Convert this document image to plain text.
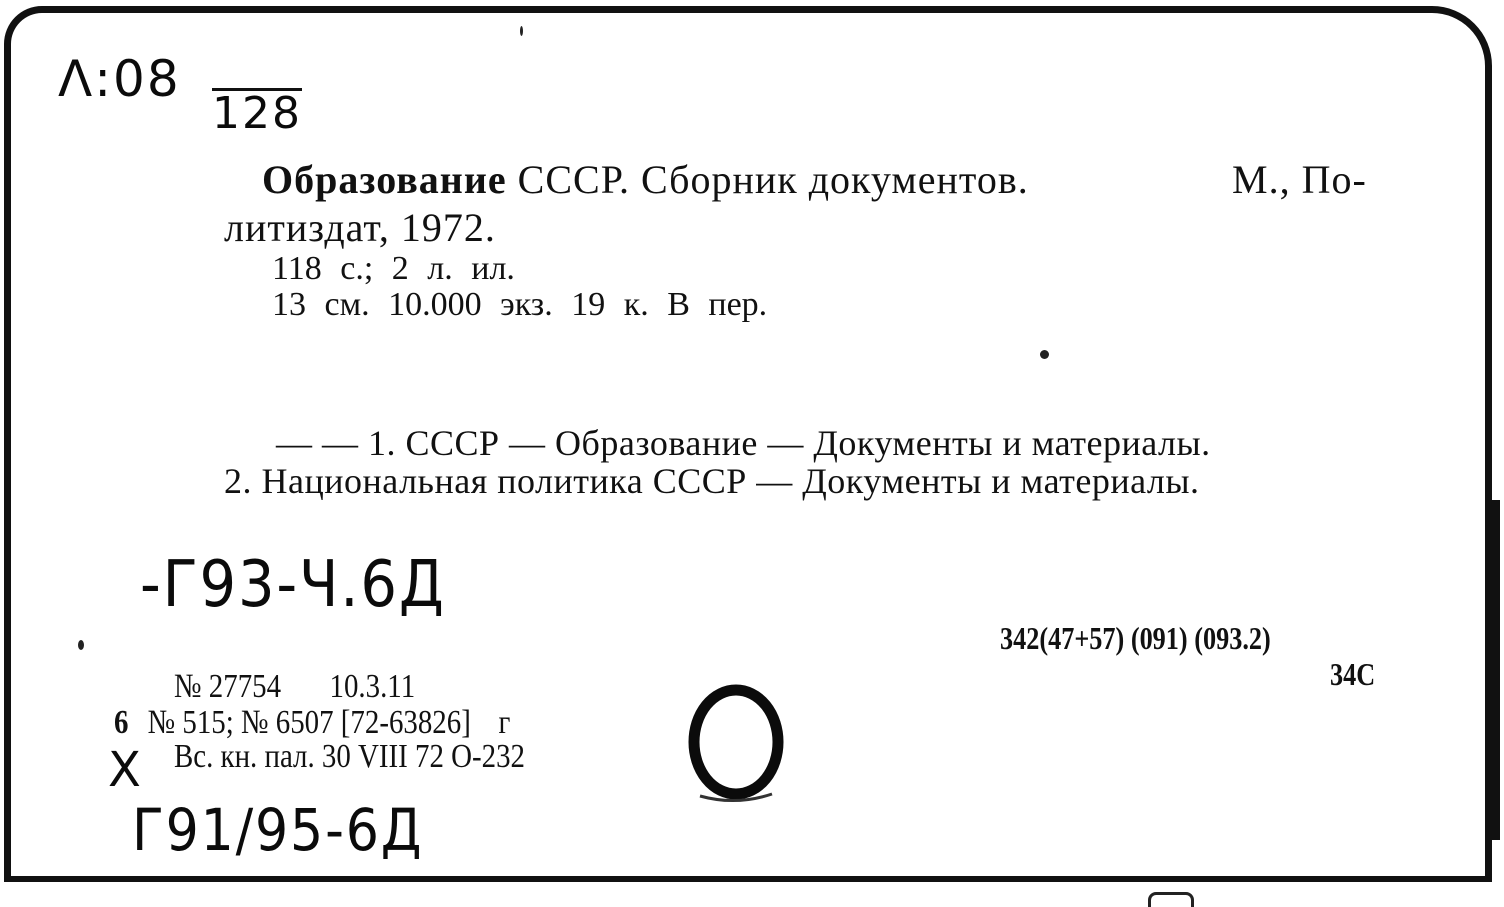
Λ:08
128
Образование СССР. Сборник документов.	М., По-
литиздат, 1972.
118 с.; 2 л. ил.
13 см. 10.000 экз. 19 к. В пер.
— — 1. СССР — Образование — Документы и материалы.
2. Национальная политика СССР — Документы и материалы.
-Г93-Ч.6Д
Г91/95-6Д
X
342(47+57) (091) (093.2)
34С
№ 27754 10.3.11
6 № 515; № 6507 [72-63826] г
Вс. кн. пал. 30 VIII 72 О-232
